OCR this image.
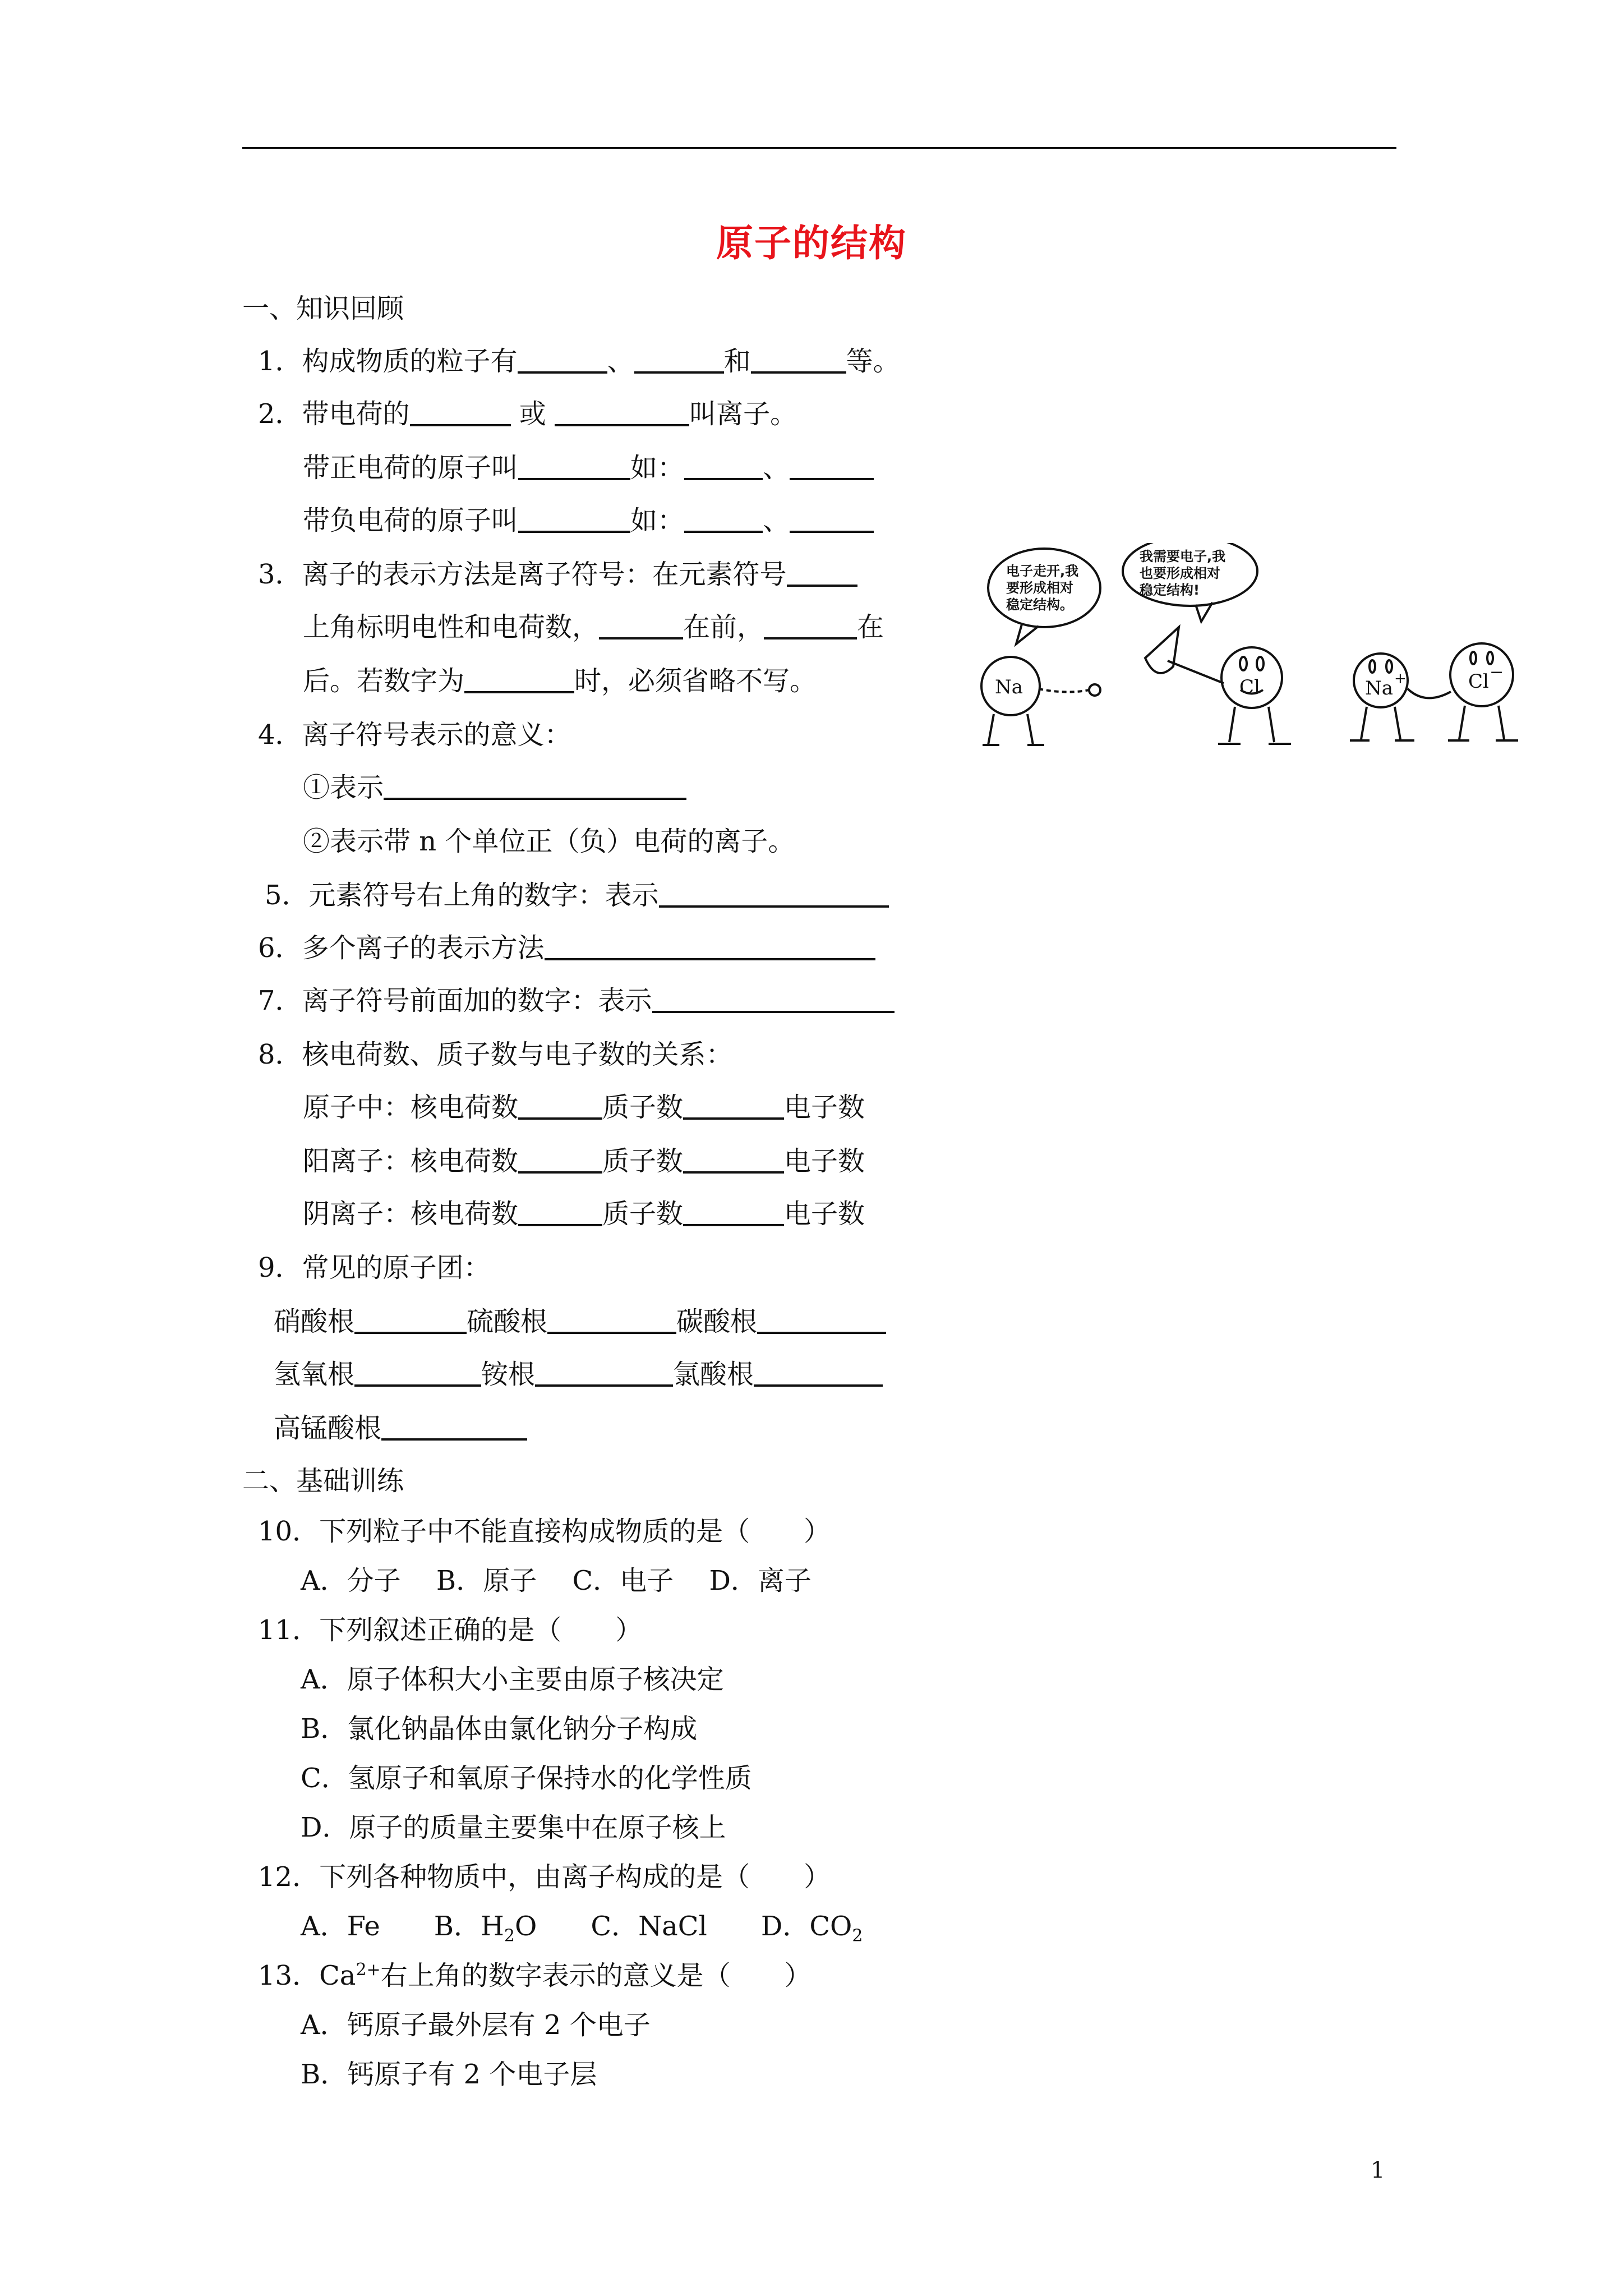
原子的结构
一、知识回顾
1．构成物质的粒子有	、	和	等。
2．带电荷的	或	叫离子。
带正电荷的原子叫	如：	、
带负电荷的原子叫	如：	、
3．离子的表示方法是离子符号：在元素符号
上角标明电性和电荷数，	在前，	在
后。若数字为	时，必须省略不写。
4．离子符号表示的意义：
①表示
②表示带 n 个单位正（负）电荷的离子。
5．元素符号右上角的数字：表示
6．多个离子的表示方法
7．离子符号前面加的数字：表示
8．核电荷数、质子数与电子数的关系：
原子中：核电荷数	质子数	电子数
阳离子：核电荷数	质子数	电子数
阴离子：核电荷数	质子数	电子数
9．常见的原子团：
硝酸根	硫酸根	碳酸根
氢氧根	铵根	氯酸根
高锰酸根
二、基础训练
10．下列粒子中不能直接构成物质的是（　　）
A．分子　 B．原子　 C．电子　 D．离子
11．下列叙述正确的是（　　）
A．原子体积大小主要由原子核决定
B．氯化钠晶体由氯化钠分子构成
C．氢原子和氧原子保持水的化学性质
D．原子的质量主要集中在原子核上
12．下列各种物质中，由离子构成的是（　　）
A．Fe　　 B．$H_2O$　　 C．NaCl　　 D．$CO_2$
13．$Ca^{2+}$右上角的数字表示的意义是（　　）
A．钙原子最外层有 2 个电子
B．钙原子有 2 个电子层
电子走开,我
要形成相对
稳定结构。
我需要电子,我
也要形成相对
稳定结构!
Na	Cl	Na +	Cl −
1
